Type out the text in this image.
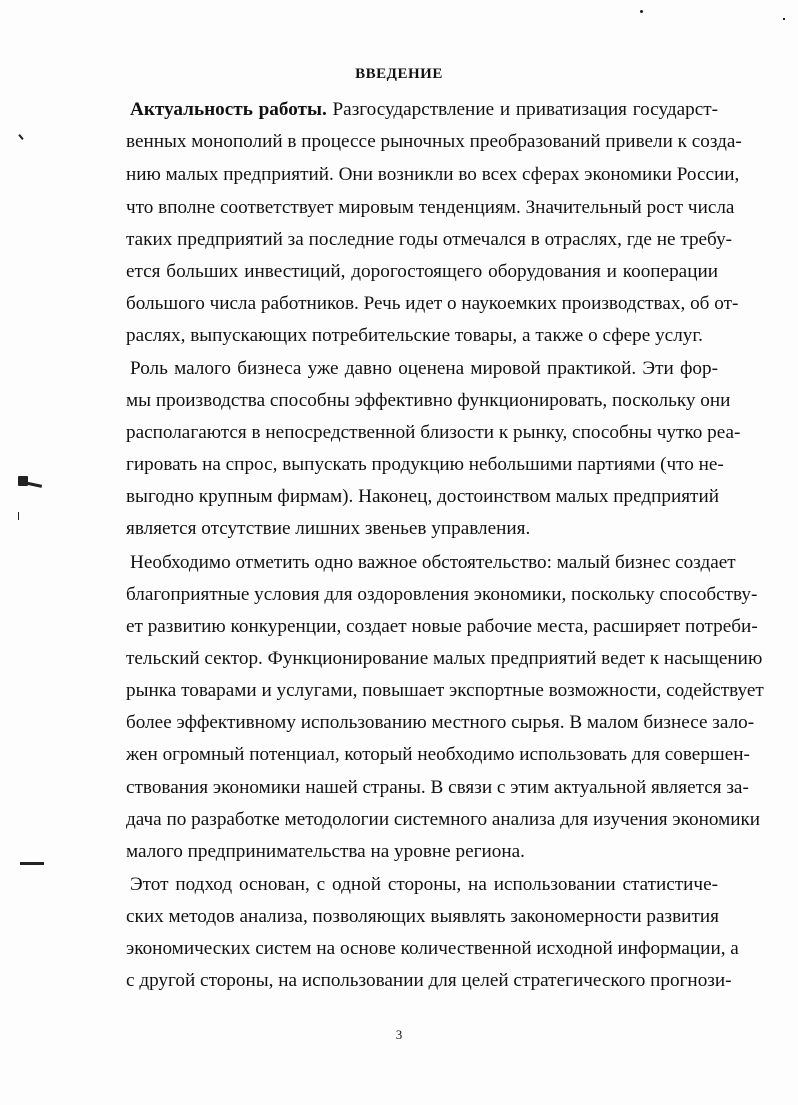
ВВЕДЕНИЕ
Актуальность работы. Разгосударствление и приватизация государст-
венных монополий в процессе рыночных преобразований привели к созда-
нию малых предприятий. Они возникли во всех сферах экономики России,
что вполне соответствует мировым тенденциям. Значительный рост числа
таких предприятий за последние годы отмечался в отраслях, где не требу-
ется больших инвестиций, дорогостоящего оборудования и кооперации
большого числа работников. Речь идет о наукоемких производствах, об от-
раслях, выпускающих потребительские товары, а также о сфере услуг.
Роль малого бизнеса уже давно оценена мировой практикой. Эти фор-
мы производства способны эффективно функционировать, поскольку они
располагаются в непосредственной близости к рынку, способны чутко реа-
гировать на спрос, выпускать продукцию небольшими партиями (что не-
выгодно крупным фирмам). Наконец, достоинством малых предприятий
является отсутствие лишних звеньев управления.
Необходимо отметить одно важное обстоятельство: малый бизнес создает
благоприятные условия для оздоровления экономики, поскольку способству-
ет развитию конкуренции, создает новые рабочие места, расширяет потреби-
тельский сектор. Функционирование малых предприятий ведет к насыщению
рынка товарами и услугами, повышает экспортные возможности, содействует
более эффективному использованию местного сырья. В малом бизнесе зало-
жен огромный потенциал, который необходимо использовать для совершен-
ствования экономики нашей страны. В связи с этим актуальной является за-
дача по разработке методологии системного анализа для изучения экономики
малого предпринимательства на уровне региона.
Этот подход основан, с одной стороны, на использовании статистиче-
ских методов анализа, позволяющих выявлять закономерности развития
экономических систем на основе количественной исходной информации, а
с другой стороны, на использовании для целей стратегического прогнози-
3
